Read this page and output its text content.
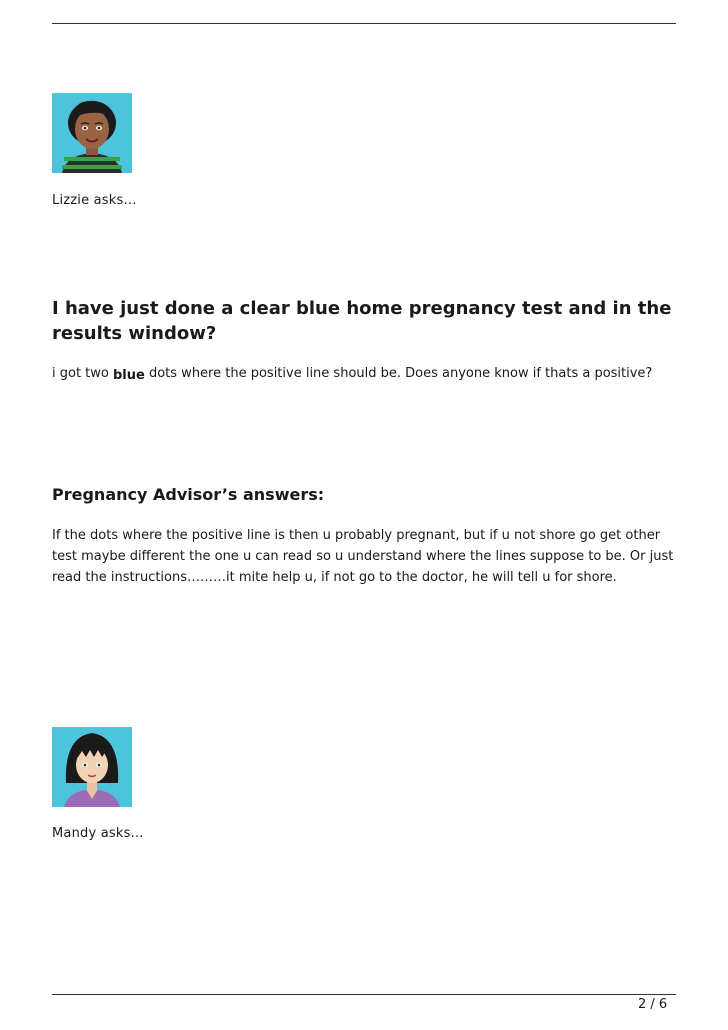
Lizzie asks…

I have just done a clear blue home pregnancy test and in the results window?

i got two blue dots where the positive line should be. Does anyone know if thats a positive?

Pregnancy Advisor’s answers:

If the dots where the positive line is then u probably pregnant, but if u not shore go get other test maybe different the one u can read so u understand where the lines suppose to be. Or just read the instructions………it mite help u, if not go to the doctor, he will tell u for shore.

Mandy asks…

2 / 6
